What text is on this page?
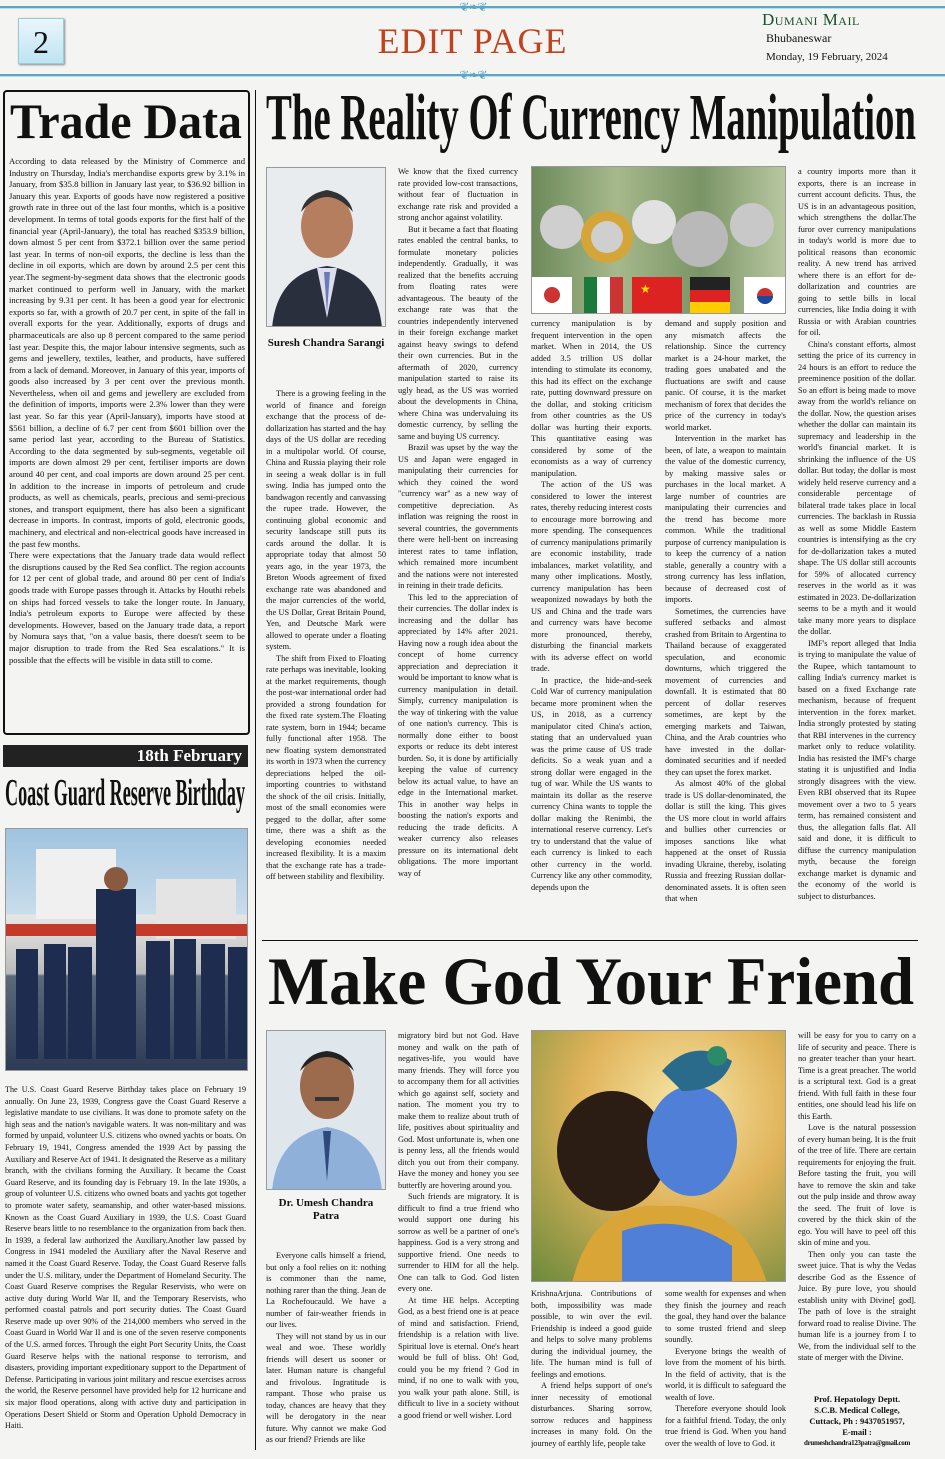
❦❧❦
2	EDIT PAGE
Dumani Mail
Bhubaneswar
Monday, 19 February, 2024
❦❧❦
Trade Data

According to data released by the Ministry of Commerce and Industry on Thursday, India's merchandise exports grew by 3.1% in January, from $35.8 billion in January last year, to $36.92 billion in January this year. Exports of goods have now registered a positive growth rate in three out of the last four months, which is a positive development. In terms of total goods exports for the first half of the financial year (April-January), the total has reached $353.9 billion, down almost 5 per cent from $372.1 billion over the same period last year. In terms of non-oil exports, the decline is less than the decline in oil exports, which are down by around 2.5 per cent this year.The segment-by-segment data shows that the electronic goods market continued to perform well in January, with the market increasing by 9.31 per cent. It has been a good year for electronic exports so far, with a growth of 20.7 per cent, in spite of the fall in overall exports for the year. Additionally, exports of drugs and pharmaceuticals are also up 8 percent compared to the same period last year. Despite this, the major labour intensive segments, such as gems and jewellery, textiles, leather, and products, have suffered from a lack of demand. Moreover, in January of this year, imports of goods also increased by 3 per cent over the previous month. Nevertheless, when oil and gems and jewellery are excluded from the definition of imports, imports were 2.3% lower than they were last year. So far this year (April-January), imports have stood at $561 billion, a decline of 6.7 per cent from $601 billion over the same period last year, according to the Bureau of Statistics. According to the data segmented by sub-segments, vegetable oil imports are down almost 29 per cent, fertiliser imports are down around 40 per cent, and coal imports are down around 25 per cent. In addition to the increase in imports of petroleum and crude products, as well as chemicals, pearls, precious and semi-precious stones, and transport equipment, there has also been a significant decrease in imports. In contrast, imports of gold, electronic goods, machinery, and electrical and non-electrical goods have increased in the past few months.

There were expectations that the January trade data would reflect the disruptions caused by the Red Sea conflict. The region accounts for 12 per cent of global trade, and around 80 per cent of India's goods trade with Europe passes through it. Attacks by Houthi rebels on ships had forced vessels to take the longer route. In January, India's petroleum exports to Europe were affected by these developments. However, based on the January trade data, a report by Nomura says that, "on a value basis, there doesn't seem to be major disruption to trade from the Red Sea escalations." It is possible that the effects will be visible in data still to come.

18th February
Coast Guard Reserve Birthday

The U.S. Coast Guard Reserve Birthday takes place on February 19 annually. On June 23, 1939, Congress gave the Coast Guard Reserve a legislative mandate to use civilians. It was done to promote safety on the high seas and the nation's navigable waters. It was non-military and was formed by unpaid, volunteer U.S. citizens who owned yachts or boats. On February 19, 1941, Congress amended the 1939 Act by passing the Auxiliary and Reserve Act of 1941. It designated the Reserve as a military branch, with the civilians forming the Auxiliary. It became the Coast Guard Reserve, and its founding day is February 19. In the late 1930s, a group of volunteer U.S. citizens who owned boats and yachts got together to promote water safety, seamanship, and other water-based missions. Known as the Coast Guard Auxiliary in 1939, the U.S. Coast Guard Reserve bears little to no resemblance to the organization from back then. In 1939, a federal law authorized the Auxiliary.Another law passed by Congress in 1941 modeled the Auxiliary after the Naval Reserve and named it the Coast Guard Reserve. Today, the Coast Guard Reserve falls under the U.S. military, under the Department of Homeland Security. The Coast Guard Reserve comprises the Regular Reservists, who were on active duty during World War II, and the Temporary Reservists, who performed coastal patrols and port security duties. The Coast Guard Reserve made up over 90% of the 214,000 members who served in the Coast Guard in World War II and is one of the seven reserve components of the U.S. armed forces. Through the eight Port Security Units, the Coast Guard Reserve helps with the national response to terrorism, and disasters, providing important expeditionary support to the Department of Defense. Participating in various joint military and rescue exercises across the world, the Reserve personnel have provided help for 12 hurricane and six major flood operations, along with active duty and participation in Operations Desert Shield or Storm and Operation Uphold Democracy in Haiti.

The Reality Of Currency Manipulation
Suresh Chandra Sarangi

There is a growing feeling in the world of finance and foreign exchange that the process of de-dollarization has started and the hay days of the US dollar are receding in a multipolar world. Of course, China and Russia playing their role in seeing a weak dollar is in full swing. India has jumped onto the bandwagon recently and canvassing the rupee trade. However, the continuing global economic and security landscape still puts its cards around the dollar. It is appropriate today that almost 50 years ago, in the year 1973, the Breton Woods agreement of fixed exchange rate was abandoned and the major currencies of the world, the US Dollar, Great Britain Pound, Yen, and Deutsche Mark were allowed to operate under a floating system.

The shift from Fixed to Floating rate perhaps was inevitable, looking at the market requirements, though the post-war international order had provided a strong foundation for the fixed rate system.The Floating rate system, born in 1944; became fully functional after 1958. The new floating system demonstrated its worth in 1973 when the currency depreciations helped the oil-importing countries to withstand the shock of the oil crisis. Initially, most of the small economies were pegged to the dollar, after some time, there was a shift as the developing economies needed increased flexibility. It is a maxim that the exchange rate has a trade-off between stability and flexibility.

We know that the fixed currency rate provided low-cost transactions, without fear of fluctuation in exchange rate risk and provided a strong anchor against volatility.

But it became a fact that floating rates enabled the central banks, to formulate monetary policies independently. Gradually, it was realized that the benefits accruing from floating rates were advantageous. The beauty of the exchange rate was that the countries independently intervened in their foreign exchange market against heavy swings to defend their own currencies. But in the aftermath of 2020, currency manipulation started to raise its ugly head, as the US was worried about the developments in China, where China was undervaluing its domestic currency, by selling the same and buying US currency.

Brazil was upset by the way the US and Japan were engaged in manipulating their currencies for which they coined the word "currency war" as a new way of competitive depreciation. As inflation was reigning the roost in several countries, the governments there were hell-bent on increasing interest rates to tame inflation, which remained more incumbent and the nations were not interested in reining in their trade deficits.

This led to the appreciation of their currencies. The dollar index is increasing and the dollar has appreciated by 14% after 2021. Having now a rough idea about the concept of home currency appreciation and depreciation it would be important to know what is currency manipulation in detail. Simply, currency manipulation is the way of tinkering with the value of one nation's currency. This is normally done either to boost exports or reduce its debt interest burden. So, it is done by artificially keeping the value of currency below its actual value, to have an edge in the International market. This in another way helps in boosting the nation's exports and reducing the trade deficits. A weaker currency also releases pressure on its international debt obligations. The more important way of

★

currency manipulation is by frequent intervention in the open market. When in 2014, the US added 3.5 trillion US dollar intending to stimulate its economy, this had its effect on the exchange rate, putting downward pressure on the dollar, and stoking criticism from other countries as the US dollar was hurting their exports. This quantitative easing was considered by some of the economists as a way of currency manipulation.

The action of the US was considered to lower the interest rates, thereby reducing interest costs to encourage more borrowing and more spending. The consequences of currency manipulations primarily are economic instability, trade imbalances, market volatility, and many other implications. Mostly, currency manipulation has been weaponized nowadays by both the US and China and the trade wars and currency wars have become more pronounced, thereby, disturbing the financial markets with its adverse effect on world trade.

In practice, the hide-and-seek Cold War of currency manipulation became more prominent when the US, in 2018, as a currency manipulator cited China's action, stating that an undervalued yuan was the prime cause of US trade deficits. So a weak yuan and a strong dollar were engaged in the tug of war. While the US wants to maintain its dollar as the reserve currency China wants to topple the dollar making the Renimbi, the international reserve currency. Let's try to understand that the value of each currency is linked to each other currency in the world. Currency like any other commodity, depends upon the

demand and supply position and any mismatch affects the relationship. Since the currency market is a 24-hour market, the trading goes unabated and the fluctuations are swift and cause panic. Of course, it is the market mechanism of forex that decides the price of the currency in today's world market.

Intervention in the market has been, of late, a weapon to maintain the value of the domestic currency, by making massive sales or purchases in the local market. A large number of countries are manipulating their currencies and the trend has become more common. While the traditional purpose of currency manipulation is to keep the currency of a nation stable, generally a country with a strong currency has less inflation, because of decreased cost of imports.

Sometimes, the currencies have suffered setbacks and almost crashed from Britain to Argentina to Thailand because of exaggerated speculation, and economic downturns, which triggered the movement of currencies and downfall. It is estimated that 80 percent of dollar reserves sometimes, are kept by the emerging markets and Taiwan, China, and the Arab countries who have invested in the dollar-dominated securities and if needed they can upset the forex market.

As almost 40% of the global trade is US dollar-denominated, the dollar is still the king. This gives the US more clout in world affairs and bullies other currencies or imposes sanctions like what happened at the onset of Russia invading Ukraine, thereby, isolating Russia and freezing Russian dollar-denominated assets. It is often seen that when

a country imports more than it exports, there is an increase in current account deficits. Thus, the US is in an advantageous position, which strengthens the dollar.The furor over currency manipulations in today's world is more due to political reasons than economic reality. A new trend has arrived where there is an effort for de-dollarization and countries are going to settle bills in local currencies, like India doing it with Russia or with Arabian countries for oil.

China's constant efforts, almost setting the price of its currency in 24 hours is an effort to reduce the preeminence position of the dollar. So an effort is being made to move away from the world's reliance on the dollar. Now, the question arises whether the dollar can maintain its supremacy and leadership in the world's financial market. It is shrinking the influence of the US dollar. But today, the dollar is most widely held reserve currency and a considerable percentage of bilateral trade takes place in local currencies. The backlash in Russia as well as some Middle Eastern countries is intensifying as the cry for de-dollarization takes a muted shape. The US dollar still accounts for 59% of allocated currency reserves in the world as it was estimated in 2023. De-dollarization seems to be a myth and it would take many more years to displace the dollar.

IMF's report alleged that India is trying to manipulate the value of the Rupee, which tantamount to calling India's currency market is based on a fixed Exchange rate mechanism, because of frequent intervention in the forex market. India strongly protested by stating that RBI intervenes in the currency market only to reduce volatility. India has resisted the IMF's charge stating it is unjustified and India strongly disagrees with the view. Even RBI observed that its Rupee movement over a two to 5 years term, has remained consistent and thus, the allegation falls flat. All said and done, it is difficult to diffuse the currency manipulation myth, because the foreign exchange market is dynamic and the economy of the world is subject to disturbances.

Make God Your Friend
Dr. Umesh Chandra Patra

Everyone calls himself a friend, but only a fool relies on it: nothing is commoner than the name, nothing rarer than the thing. Jean de La Rochefoucauld. We have a number of fair-weather friends in our lives.

They will not stand by us in our weal and woe. These worldly friends will desert us sooner or later. Human nature is changeful and frivolous. Ingratitude is rampant. Those who praise us today, chances are heavy that they will be derogatory in the near future. Why cannot we make God as our friend? Friends are like

migratory bird but not God. Have money and walk on the path of negatives-life, you would have many friends. They will force you to accompany them for all activities which go against self, society and nation. The moment you try to make them to realize about truth of life, positives about spirituality and God. Most unfortunate is, when one is penny less, all the friends would ditch you out from their company. Have the money and honey you see butterfly are hovering around you.

Such friends are migratory. It is difficult to find a true friend who would support one during his sorrow as well be a partner of one's happiness. God is a very strong and supportive friend. One needs to surrender to HIM for all the help. One can talk to God. God listen every one.

At time HE helps. Accepting God, as a best friend one is at peace of mind and satisfaction. Friend, friendship is a relation with live. Spiritual love is eternal. One's heart would be full of bliss. Oh! God, could you be my friend ? God in mind, if no one to walk with you, you walk your path alone. Still, is difficult to live in a society without a good friend or well wisher. Lord

KrishnaArjuna. Contributions of both, impossibility was made possible, to win over the evil. Friendship is indeed a good guide and helps to solve many problems during the individual journey, the life. The human mind is full of feelings and emotions.

A friend helps support of one's inner necessity of emotional disturbances. Sharing sorrow, sorrow reduces and happiness increases in many fold. On the journey of earthly life, people take

some wealth for expenses and when they finish the journey and reach the goal, they hand over the balance to some trusted friend and sleep soundly.

Everyone brings the wealth of love from the moment of his birth. In the field of activity, that is the world, it is difficult to safeguard the wealth of love.

Therefore everyone should look for a faithful friend. Today, the only true friend is God. When you hand over the wealth of love to God. it

will be easy for you to carry on a life of security and peace. There is no greater teacher than your heart. Time is a great preacher. The world is a scriptural text. God is a great friend. With full faith in these four entities, one should lead his life on this Earth.

Love is the natural possession of every human being. It is the fruit of the tree of life. There are certain requirements for enjoying the fruit. Before tasting the fruit, you will have to remove the skin and take out the pulp inside and throw away the seed. The fruit of love is covered by the thick skin of the ego. You will have to peel off this skin of mine and you.

Then only you can taste the sweet juice. That is why the Vedas describe God as the Essence of Juice. By pure love, you should establish unity with Divine[ god]. The path of love is the straight forward road to realise Divine. The human life is a journey from I to We, from the individual self to the state of merger with the Divine.

Prof. Hepatology Deptt.
S.C.B. Medical College,
Cuttack, Ph : 9437051957,
E-mail :
drumeshchandra123patra@gmail.com
